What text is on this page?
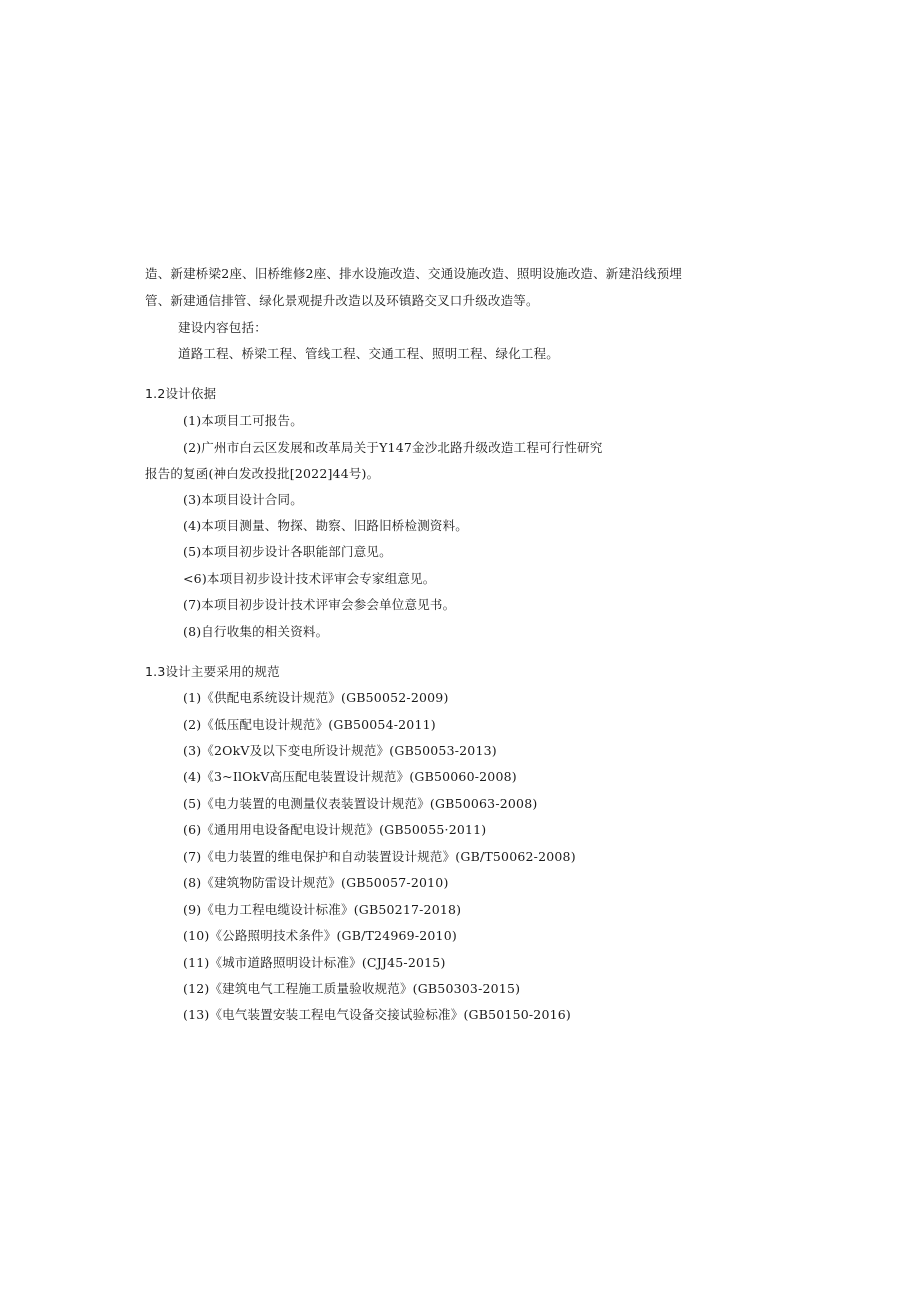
造、新建桥梁2座、旧桥维修2座、排水设施改造、交通设施改造、照明设施改造、新建沿线预埋
管、新建通信排管、绿化景观提升改造以及环镇路交叉口升级改造等。
建设内容包括：
道路工程、桥梁工程、管线工程、交通工程、照明工程、绿化工程。
1.2设计依据
(1)本项目工可报告。
(2)广州市白云区发展和改革局关于Y147金沙北路升级改造工程可行性研究
报告的复函(神白发改投批[2022]44号)。
(3)本项目设计合同。
(4)本项目测量、物探、勘察、旧路旧桥检测资料。
(5)本项目初步设计各职能部门意见。
<6)本项目初步设计技术评审会专家组意见。
(7)本项目初步设计技术评审会参会单位意见书。
(8)自行收集的相关资料。
1.3设计主要采用的规范
(1)《供配电系统设计规范》(GB50052-2009)
(2)《低压配电设计规范》(GB50054-2011)
(3)《2OkV及以下变电所设计规范》(GB50053-2013)
(4)《3~IlOkV高压配电装置设计规范》(GB50060-2008)
(5)《电力装置的电测量仪表装置设计规范》(GB50063-2008)
(6)《通用用电设备配电设计规范》(GB50055·2011)
(7)《电力装置的维电保护和自动装置设计规范》(GB/T50062-2008)
(8)《建筑物防雷设计规范》(GB50057-2010)
(9)《电力工程电缆设计标准》(GB50217-2018)
(10)《公路照明技术条件》(GB/T24969-2010)
(11)《城市道路照明设计标准》(CJJ45-2015)
(12)《建筑电气工程施工质量验收规范》(GB50303-2015)
(13)《电气装置安装工程电气设备交接试验标准》(GB50150-2016)
